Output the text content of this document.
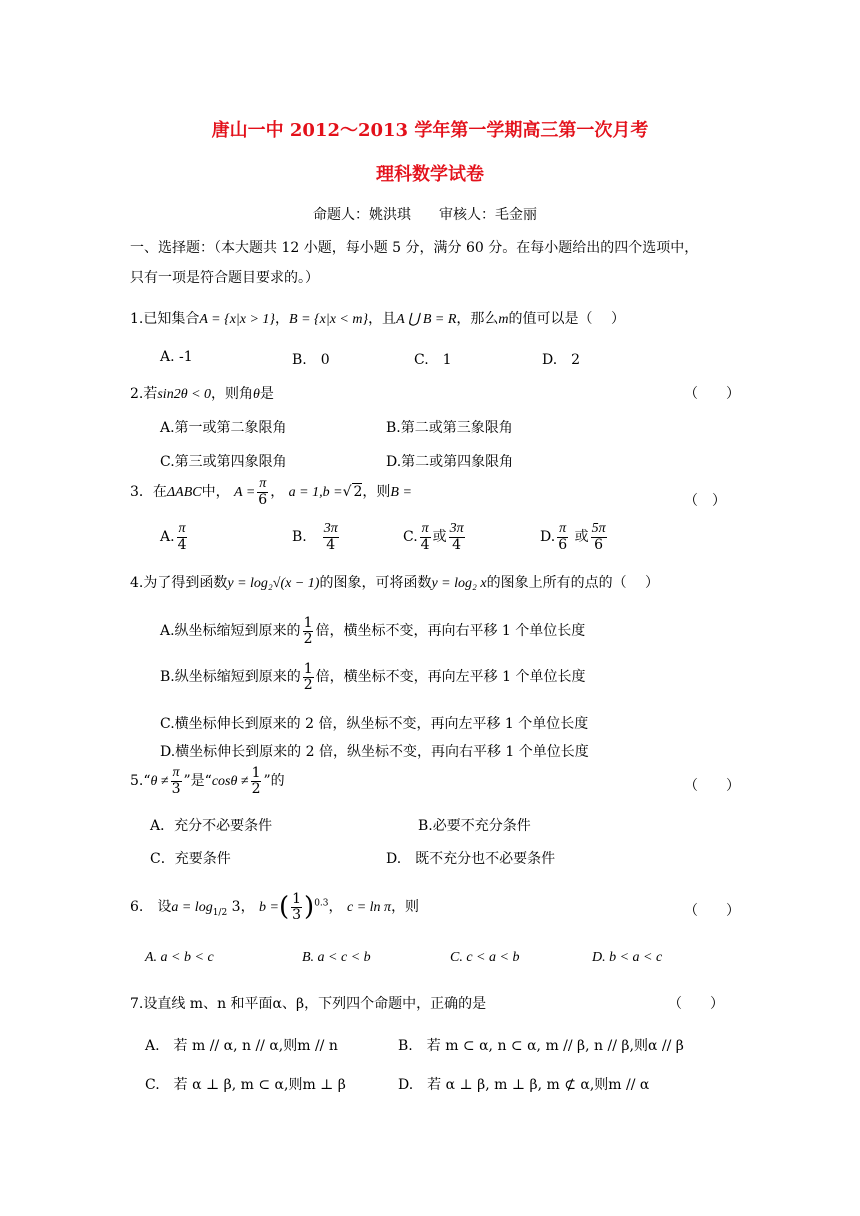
唐山一中 2012～2013 学年第一学期高三第一次月考
理科数学试卷
命题人：姚洪琪　　审核人：毛金丽
一、选择题：（本大题共 12 小题，每小题 5 分，满分 60 分。在每小题给出的四个选项中，
只有一项是符合题目要求的。）
1.已知集合A = {x|x > 1}，B = {x|x < m}，且A ⋃ B = R，那么m的值可以是（　 ）
A. -1	B.　0	C.　1	D.　2
2.若sin2θ < 0，则角θ是	（　　）
A.第一或第二象限角	B.第二或第三象限角
C.第三或第四象限角	D.第二或第四象限角
3．在ΔABC中， $A = \frac{\pi}{6}$ ， a = 1,b =√ 2，则B =
（　）
A. $\frac{\pi}{4}$	B.　 $\frac{3\pi}{4}$	C. $\frac{\pi}{4}$ 或 $\frac{3\pi}{4}$	D. $\frac{\pi}{6}$ 或 $\frac{5\pi}{6}$
4.为了得到函数y = log₂√(x − 1)的图象，可将函数y = log₂ x的图象上所有的点的（　 ）
A.纵坐标缩短到原来的 $\frac{1}{2}$ 倍，横坐标不变，再向右平移 1 个单位长度
B.纵坐标缩短到原来的 $\frac{1}{2}$ 倍，横坐标不变，再向左平移 1 个单位长度
C.横坐标伸长到原来的 2 倍，纵坐标不变，再向左平移 1 个单位长度
D.横坐标伸长到原来的 2 倍，纵坐标不变，再向右平移 1 个单位长度
5.“θ ≠ $\frac{\pi}{3}$ ”是“$\cos\theta \ne \frac{1}{2}$ ”的	（　　）
A．充分不必要条件	B.必要不充分条件
C．充要条件	D.　既不充分也不必要条件
6.　设$a = \log_{1/2} 3$， b =( $\frac{1}{3} )^{0.3}$， c = ln π，则	（　　）
A. a < b < c	B. a < c < b	C. c < a < b	D. b < a < c
7.设直线 m、n 和平面α、β，下列四个命题中，正确的是	（　　）
A.　若 m // α, n // α,则m // n	B.　若 m ⊂ α, n ⊂ α, m // β, n // β,则α // β
C.　若 α ⊥ β, m ⊂ α,则m ⊥ β	D.　若 α ⊥ β, m ⊥ β, m ⊄ α,则m // α
